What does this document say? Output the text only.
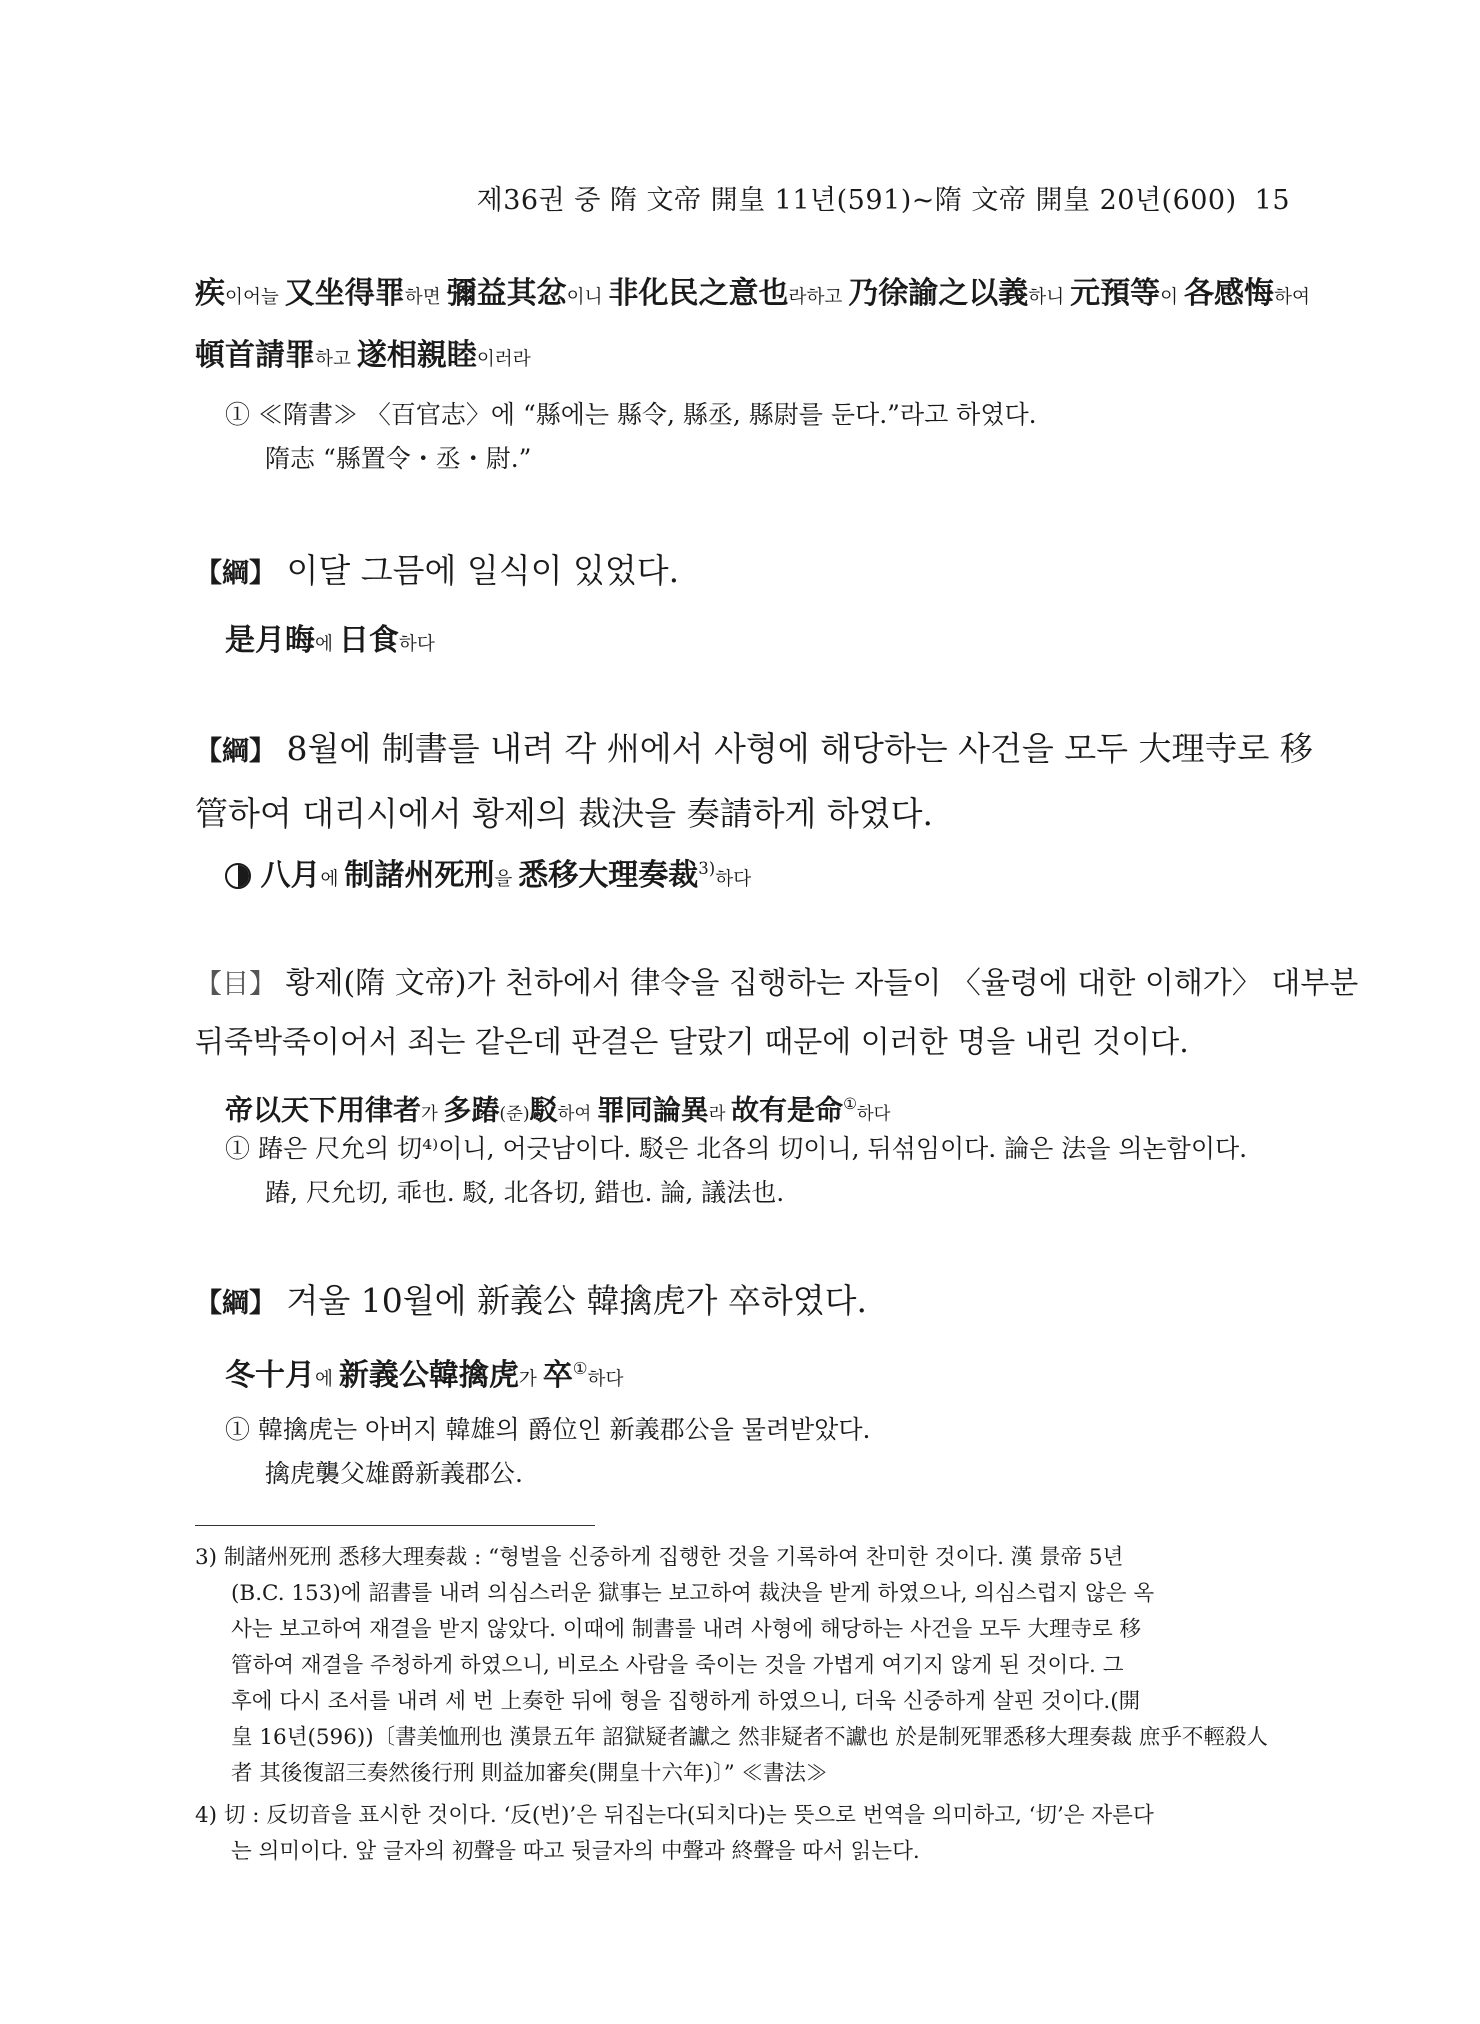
제36권 중 隋 文帝 開皇 11년(591)~隋 文帝 開皇 20년(600) 15
疾이어늘 又坐得罪하면 彌益其忿이니 非化民之意也라하고 乃徐諭之以義하니 元預等이 各感悔하여
頓首請罪하고 遂相親睦이러라
① ≪隋書≫ 〈百官志〉에 “縣에는 縣令, 縣丞, 縣尉를 둔다.”라고 하였다.
隋志 “縣置令・丞・尉.”
【綱】 이달 그믐에 일식이 있었다.
是月晦에 日食하다
【綱】 8월에 制書를 내려 각 州에서 사형에 해당하는 사건을 모두 大理寺로 移
管하여 대리시에서 황제의 裁決을 奏請하게 하였다.
八月에 制諸州死刑을 悉移大理奏裁$^{3)}$하다
【目】 황제(隋 文帝)가 천하에서 律令을 집행하는 자들이 〈율령에 대한 이해가〉 대부분
뒤죽박죽이어서 죄는 같은데 판결은 달랐기 때문에 이러한 명을 내린 것이다.
帝以天下用律者가 多踳(준)駁하여 罪同論異라 故有是命①하다
① 踳은 尺允의 切⁴⁾이니, 어긋남이다. 駁은 北各의 切이니, 뒤섞임이다. 論은 法을 의논함이다.
踳, 尺允切, 乖也. 駁, 北各切, 錯也. 論, 議法也.
【綱】 겨울 10월에 新義公 韓擒虎가 卒하였다.
冬十月에 新義公韓擒虎가 卒①하다
① 韓擒虎는 아버지 韓雄의 爵位인 新義郡公을 물려받았다.
擒虎襲父雄爵新義郡公.
3) 制諸州死刑 悉移大理奏裁 : “형벌을 신중하게 집행한 것을 기록하여 찬미한 것이다. 漢 景帝 5년
(B.C. 153)에 詔書를 내려 의심스러운 獄事는 보고하여 裁決을 받게 하였으나, 의심스럽지 않은 옥
사는 보고하여 재결을 받지 않았다. 이때에 制書를 내려 사형에 해당하는 사건을 모두 大理寺로 移
管하여 재결을 주청하게 하였으니, 비로소 사람을 죽이는 것을 가볍게 여기지 않게 된 것이다. 그
후에 다시 조서를 내려 세 번 上奏한 뒤에 형을 집행하게 하였으니, 더욱 신중하게 살핀 것이다.(開
皇 16년(596))〔書美恤刑也 漢景五年 詔獄疑者讞之 然非疑者不讞也 於是制死罪悉移大理奏裁 庶乎不輕殺人
者 其後復詔三奏然後行刑 則益加審矣(開皇十六年)〕” ≪書法≫
4) 切 : 反切音을 표시한 것이다. ‘反(번)’은 뒤집는다(되치다)는 뜻으로 번역을 의미하고, ‘切’은 자른다
는 의미이다. 앞 글자의 初聲을 따고 뒷글자의 中聲과 終聲을 따서 읽는다.
